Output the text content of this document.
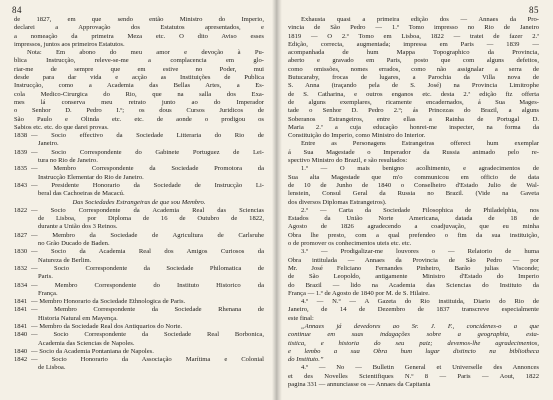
84
de 1827, em que sendo então Ministro do Imperio,
declarei a Approvação dos Estatutos apresentados, e
a nomeação da primeira Meza etc. O dito Aviso esses
impressos, juntos aos primeiros Estatutos.
Nota: Em abono do meu amor e devoção à Pu-
blica Instrucção, releve-se-me a complacencia em glo-
riar-me de sempre que em estive no Poder, mui
desde para dar vida e acção as Instituições de Publica
Instrucção, como a Academia das Bellas Artes, a Es-
cola Medico-Cirurgica do Rio, que na salla dos Exa-
mes lá conserva meu retrato junto ao do Imperador
o Senhor D. Pedro I.º; os dous Cursos Juridicos de
São Paulo e Olinda etc. etc. de aonde o prodigou os
Sabios etc. etc. do que darei provas.
1838 — Socio effectivo da Sociedade Litteraria do Rio de
Janeiro.
1839 — Socio Correspondente do Gabinete Portuguez de Lei-
tura no Rio de Janeiro.
1835 — Membro Correspondente da Sociedade Promotora da
Instrucção Elementar do Rio de Janeiro.
1843 — Presidente Honorario da Sociedade de Instrucção Li-
beral das Cachoeiras de Macacú.
Das Sociedades Estrangeiras de que sou Membro.
1822 — Socio Correspondente da Academia Real das Sciencias
de Lisboa, por Diploma de 16 de Outubro de 1822,
durante a União dos 3 Reinos.
1827 — Membro da Sociedade de Agricultura de Carlsruhe
no Grão Ducado de Baden.
1830 — Socio da Academia Real dos Amigos Curiosos da
Natureza de Berlim.
1832 — Socio Correspondente da Sociedade Philomatica de
Paris.
1834 — Membro Correspondente do Instituto Historico da
França.
1841 — Membro Honorario da Sociedade Ethnologica de Paris.
1841 — Membro Correspondente da Sociedade Rhenana de
Historia Natural em Mayença.
1841 — Membro da Sociedade Real dos Antiquarios do Norte.
1840 — Socio Correspondente da Sociedade Real Borbonica,
Academia das Sciencias de Napoles.
1840 — Socio da Academia Pontaniana de Napoles.
1842 — Socio Honorario da Associação Marítima e Colonial
de Lisboa.
85
Exhausta quasi a primeira edição dos — Annaes da Pro-
vincia de São Pedro — 1.º Tomo impresso no Rio de Janeiro
1819 — O 2.º Tomo em Lisboa, 1822 — tratei de fazer 2.ª
Edição, correcta, augmentada; impressa em Paris — 1839 —
acompanhada de hum Mappa Topographico da Provincia,
aberto e gravado em Paris, posto que com alguns defeitos,
como omissões, nomes errados, como não assignalar a serra de
Butucaraby, frocas de lugares, a Parochia da Villa nova de
S. Anna (traçando pela de S. José) na Provincia Limitrophe
de S. Catharina, e outros enganos etc. desta 2.ª edição fiz offerta
de alguns exemplares, ricamente encadernados, á Sua Mages-
tade o Senhor D. Pedro 2.º; ás Princezas do Brazil, a alguns
Soberanos Estrangeiros, entre ellas a Rainha de Portugal D.
Maria 2.ª a cuja educação honrei-me inspecter, na forma da
Constituição do Imperio, como Ministro do Interior.
Entre as Personagens Estrangeiras offereci hum exemplar
á Sua Magestade o Imperador da Russia animado pelo re-
spectivo Ministro do Brazil, e são resultados:
1.º — O mais benigno acolhimento, e agradecimentos de
Sua alta Magestade que m'o communicou em officio de data
de 10 de Junho de 1840 o Conselheiro d'Estado Julio de Wal-
lenstein, Consul Geral da Russia no Brazil. (Vide na Gaveta
dos diversos Diplomas Estrangeiros).
2.º — Carta da Sociedade Filosophica de Philadelphia, nos
Estados da União Norte Americana, datada de 18 de
Agosto de 1826 agradecendo a coadjuvação, que eu minha
Obra lhe presto, com a qual prefendeo o fim da sua instituição,
o de promover os conhecimentos uteis etc. etc.
3.º — Prodigalizar-me louvores o — Relatorio de huma
Obra intitulada — Annaes da Provincia de São Pedro — por
Mr. José Feliciano Fernandes Pinheiro, Barão julias Visconde;
de São Leopoldo, antigamente Ministro d'Estado do Imperio
do Brazil — lido na Academia das Sciencias do Instituto da
França — 1.º de Agosto de 1840 por M. de S. Hilaire.
4.º — N.º — A Gazeta do Rio instituida, Diario do Rio de
Janeiro, de 14 de Dezembro de 1837 transcreve especialmente
este final:
„Annaes já devedores ao Sr. J. F., concidenes-o a que
continue em suas indagações sobre a geographia, esta-
tistica, e historia do seu paiz; devemos-lhe agradecimentos,
e lembo a sua Obra hum lugar distincto na bibliotheca
do Instituto.”
4.º — No — Bulletin General et Universelle des Annonces
et des Novelles Scientifiques N.º 8 — Paris — Aout, 1822
pagina 331 — annunciasse os — Annaes da Capitania
